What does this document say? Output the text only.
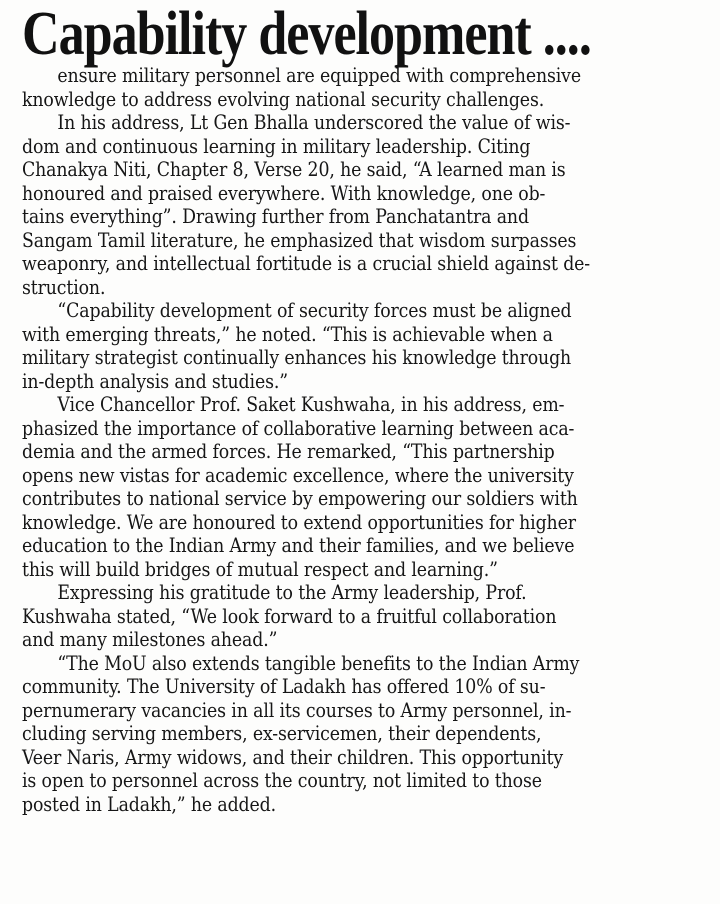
Capability development ....
ensure military personnel are equipped with comprehensive
knowledge to address evolving national security challenges.
In his address, Lt Gen Bhalla underscored the value of wis-
dom and continuous learning in military leadership. Citing
Chanakya Niti, Chapter 8, Verse 20, he said, “A learned man is
honoured and praised everywhere. With knowledge, one ob-
tains everything”. Drawing further from Panchatantra and
Sangam Tamil literature, he emphasized that wisdom surpasses
weaponry, and intellectual fortitude is a crucial shield against de-
struction.
“Capability development of security forces must be aligned
with emerging threats,” he noted. “This is achievable when a
military strategist continually enhances his knowledge through
in-depth analysis and studies.”
Vice Chancellor Prof. Saket Kushwaha, in his address, em-
phasized the importance of collaborative learning between aca-
demia and the armed forces. He remarked, “This partnership
opens new vistas for academic excellence, where the university
contributes to national service by empowering our soldiers with
knowledge. We are honoured to extend opportunities for higher
education to the Indian Army and their families, and we believe
this will build bridges of mutual respect and learning.”
Expressing his gratitude to the Army leadership, Prof.
Kushwaha stated, “We look forward to a fruitful collaboration
and many milestones ahead.”
“The MoU also extends tangible benefits to the Indian Army
community. The University of Ladakh has offered 10% of su-
pernumerary vacancies in all its courses to Army personnel, in-
cluding serving members, ex-servicemen, their dependents,
Veer Naris, Army widows, and their children. This opportunity
is open to personnel across the country, not limited to those
posted in Ladakh,” he added.
